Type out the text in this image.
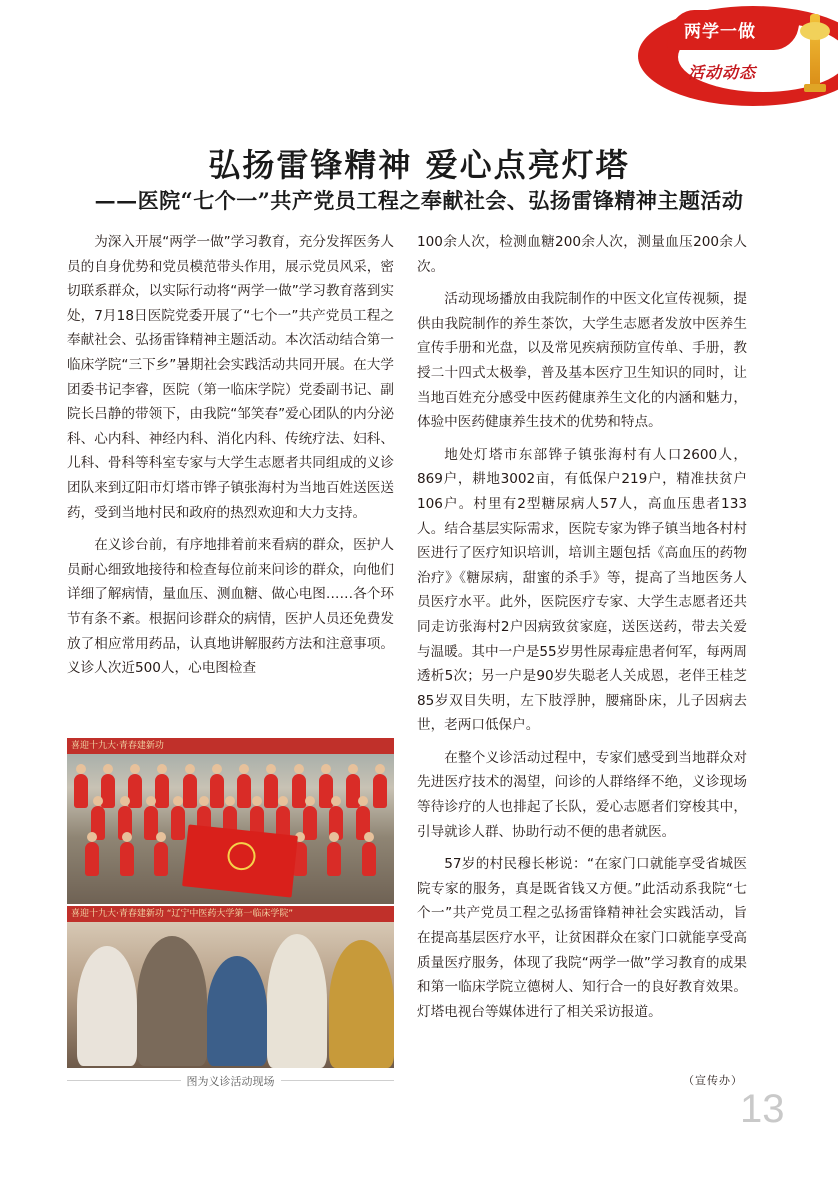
两学一做
活动动态
弘扬雷锋精神 爱心点亮灯塔
——医院“七个一”共产党员工程之奉献社会、弘扬雷锋精神主题活动

为深入开展“两学一做”学习教育，充分发挥医务人员的自身优势和党员模范带头作用，展示党员风采，密切联系群众，以实际行动将“两学一做”学习教育落到实处，7月18日医院党委开展了“七个一”共产党员工程之奉献社会、弘扬雷锋精神主题活动。本次活动结合第一临床学院“三下乡”暑期社会实践活动共同开展。在大学团委书记李睿，医院（第一临床学院）党委副书记、副院长吕静的带领下，由我院“邹笑春”爱心团队的内分泌科、心内科、神经内科、消化内科、传统疗法、妇科、儿科、骨科等科室专家与大学生志愿者共同组成的义诊团队来到辽阳市灯塔市铧子镇张海村为当地百姓送医送药，受到当地村民和政府的热烈欢迎和大力支持。

在义诊台前，有序地排着前来看病的群众，医护人员耐心细致地接待和检查每位前来问诊的群众，向他们详细了解病情，量血压、测血糖、做心电图……各个环节有条不紊。根据问诊群众的病情，医护人员还免费发放了相应常用药品，认真地讲解服药方法和注意事项。义诊人次近500人，心电图检查

喜迎十九大·青春建新功
喜迎十九大·青春建新功 “辽宁中医药大学第一临床学院”
图为义诊活动现场

100余人次，检测血糖200余人次，测量血压200余人次。

活动现场播放由我院制作的中医文化宣传视频，提供由我院制作的养生茶饮，大学生志愿者发放中医养生宣传手册和光盘，以及常见疾病预防宣传单、手册，教授二十四式太极拳，普及基本医疗卫生知识的同时，让当地百姓充分感受中医药健康养生文化的内涵和魅力，体验中医药健康养生技术的优势和特点。

地处灯塔市东部铧子镇张海村有人口2600人，869户，耕地3002亩，有低保户219户，精准扶贫户106户。村里有2型糖尿病人57人，高血压患者133人。结合基层实际需求，医院专家为铧子镇当地各村村医进行了医疗知识培训，培训主题包括《高血压的药物治疗》《糖尿病，甜蜜的杀手》等，提高了当地医务人员医疗水平。此外，医院医疗专家、大学生志愿者还共同走访张海村2户因病致贫家庭，送医送药，带去关爱与温暖。其中一户是55岁男性尿毒症患者何军，每两周透析5次；另一户是90岁失聪老人关成恩，老伴王桂芝85岁双目失明，左下肢浮肿，腰痛卧床，儿子因病去世，老两口低保户。

在整个义诊活动过程中，专家们感受到当地群众对先进医疗技术的渴望，问诊的人群络绎不绝，义诊现场等待诊疗的人也排起了长队，爱心志愿者们穿梭其中，引导就诊人群、协助行动不便的患者就医。

57岁的村民穆长彬说：“在家门口就能享受省城医院专家的服务，真是既省钱又方便。”此活动系我院“七个一”共产党员工程之弘扬雷锋精神社会实践活动，旨在提高基层医疗水平，让贫困群众在家门口就能享受高质量医疗服务，体现了我院“两学一做”学习教育的成果和第一临床学院立德树人、知行合一的良好教育效果。灯塔电视台等媒体进行了相关采访报道。

（宣传办）
13
